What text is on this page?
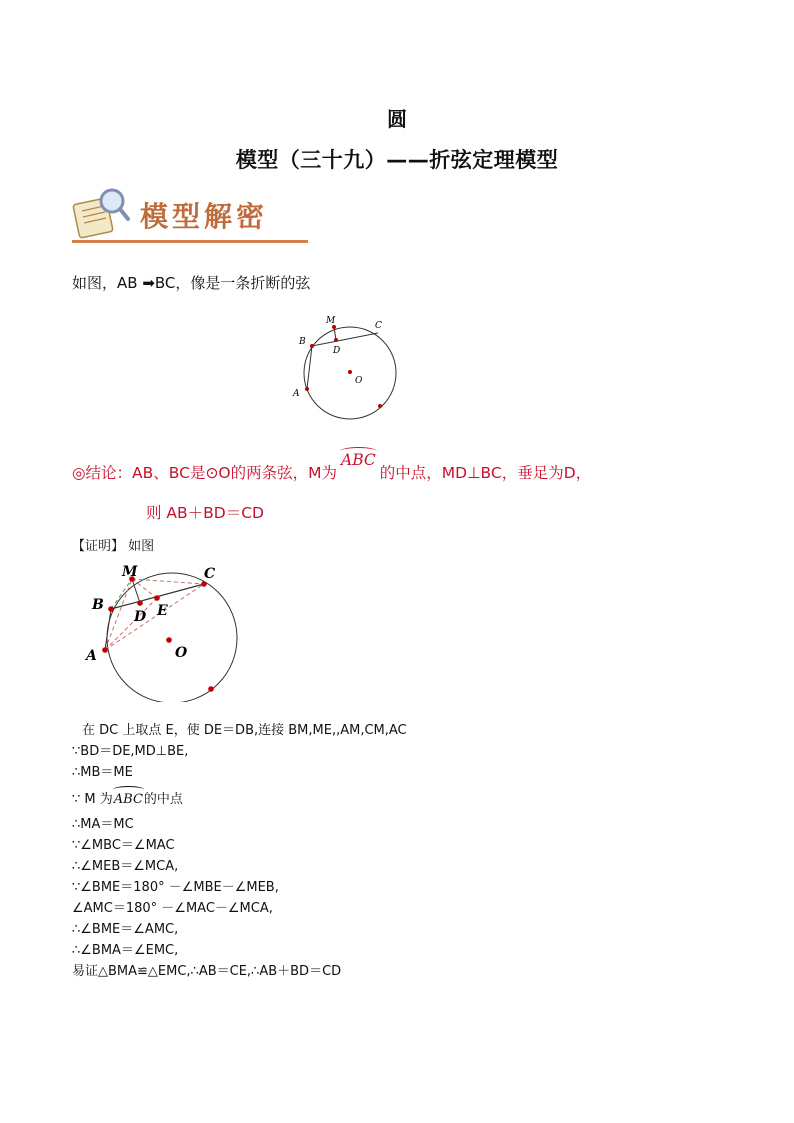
圆
模型（三十九）——折弦定理模型
模型解密
如图，AB ➡BC，像是一条折断的弦
M	C
B
D
O
A
◎结论：AB、BC是⊙O的两条弦，M为ABC的中点，MD⊥BC，垂足为D，
则 AB＋BD＝CD
【证明】 如图
M	C
B
D E
O
A
在 DC 上取点 E，使 DE＝DB,连接 BM,ME,,AM,CM,AC
∵BD＝DE,MD⊥BE,
∴MB＝ME
∵ M 为ABC的中点
∴MA＝MC
∵∠MBC＝∠MAC
∴∠MEB＝∠MCA,
∵∠BME＝180° －∠MBE－∠MEB,
∠AMC＝180° －∠MAC－∠MCA,
∴∠BME＝∠AMC,
∴∠BMA＝∠EMC,
易证△BMA≌△EMC,∴AB＝CE,∴AB＋BD＝CD
